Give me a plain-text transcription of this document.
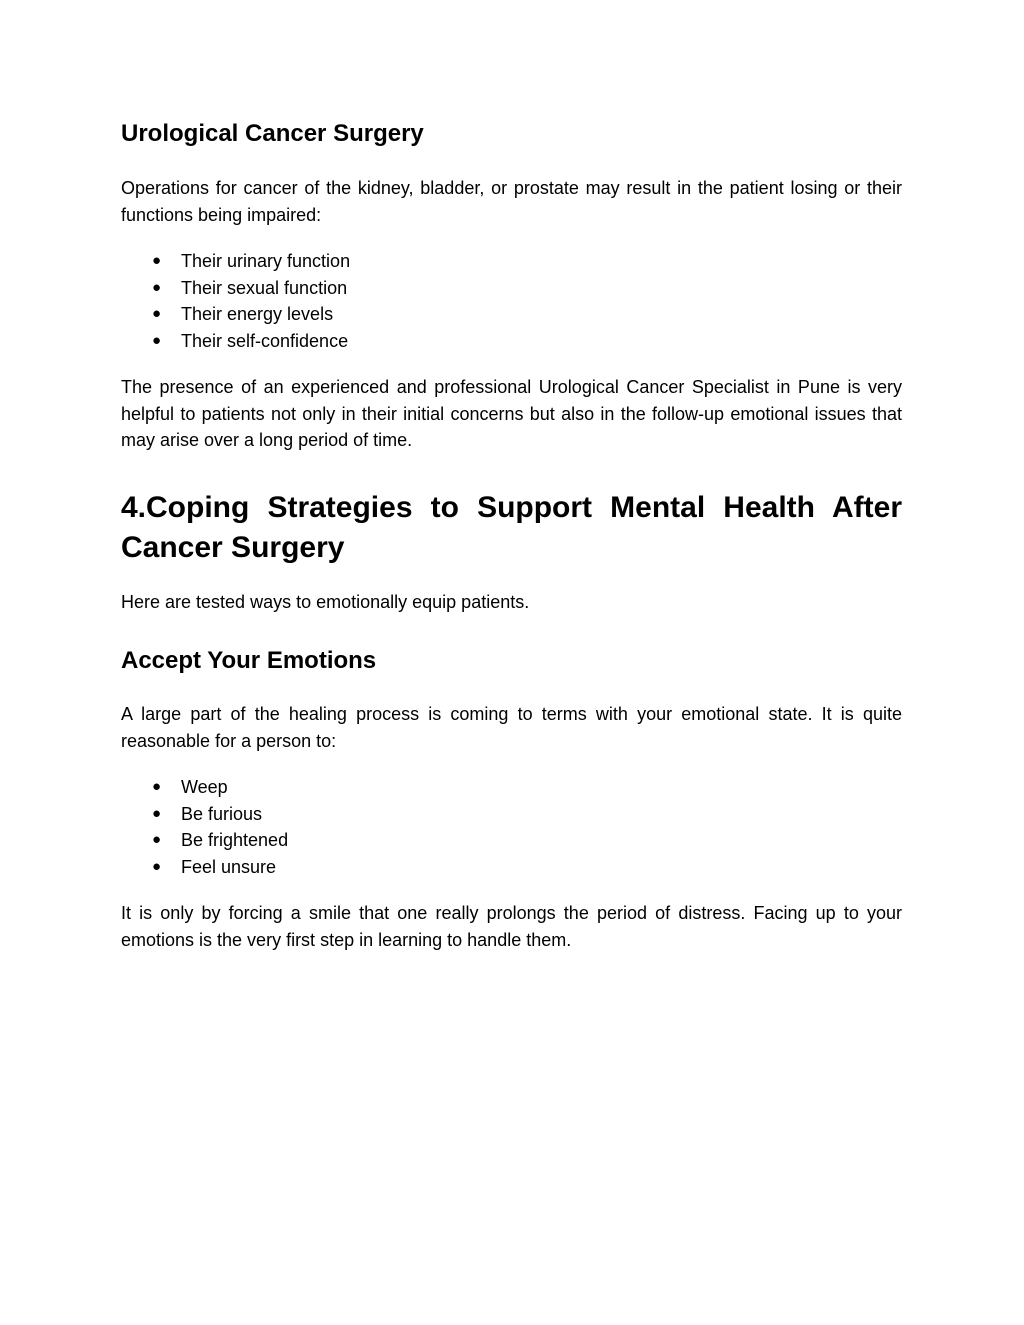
Urological Cancer Surgery

Operations for cancer of the kidney, bladder, or prostate may result in the patient losing or their functions being impaired:

● Their urinary function
● Their sexual function
● Their energy levels
● Their self-confidence

The presence of an experienced and professional Urological Cancer Specialist in Pune is very helpful to patients not only in their initial concerns but also in the follow-up emotional issues that may arise over a long period of time.

4.Coping Strategies to Support Mental Health After Cancer Surgery

Here are tested ways to emotionally equip patients.

Accept Your Emotions

A large part of the healing process is coming to terms with your emotional state. It is quite reasonable for a person to:

● Weep
● Be furious
● Be frightened
● Feel unsure

It is only by forcing a smile that one really prolongs the period of distress. Facing up to your emotions is the very first step in learning to handle them.
